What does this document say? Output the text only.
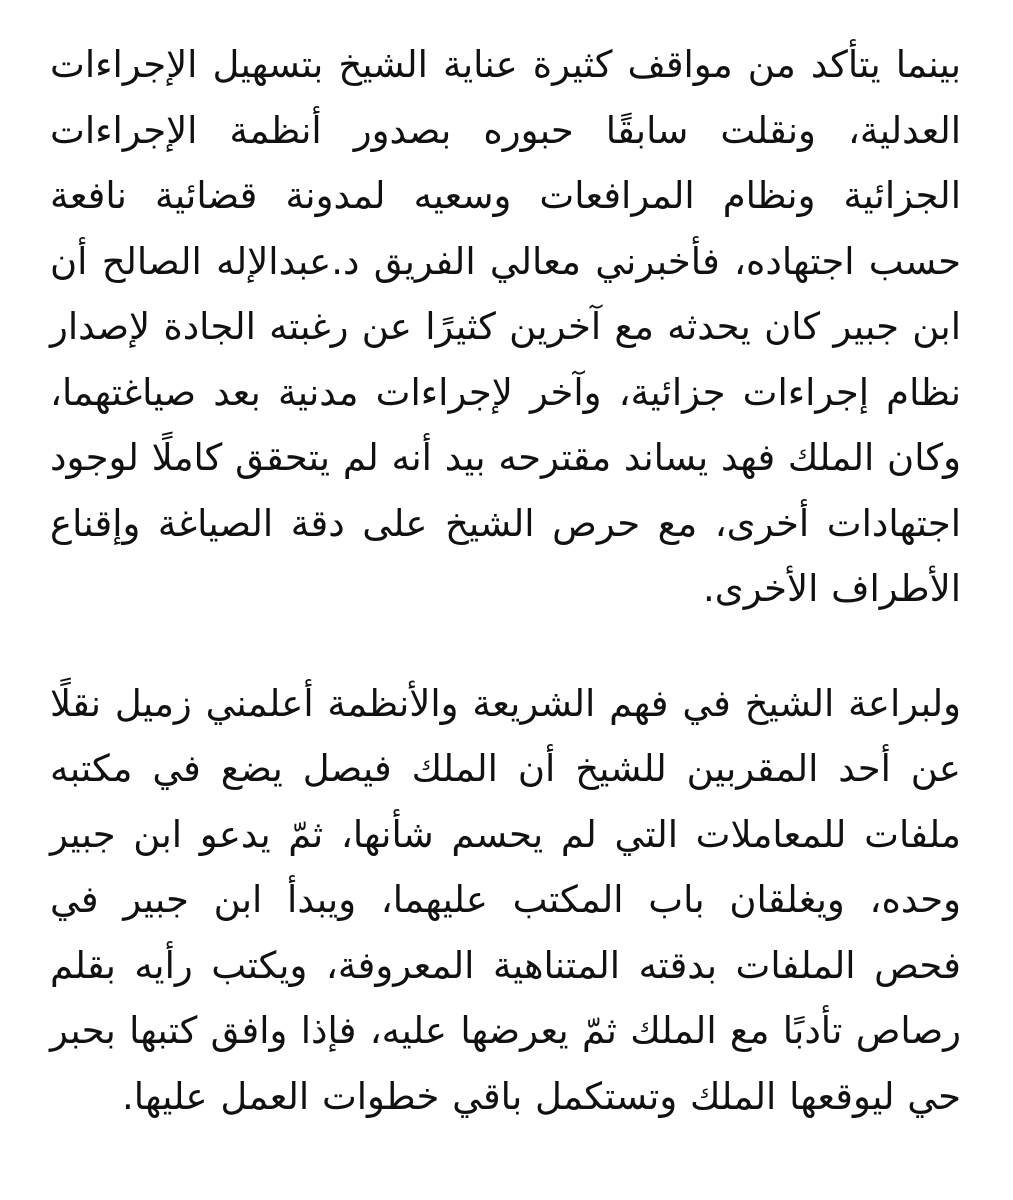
بينما يتأكد من مواقف كثيرة عناية الشيخ بتسهيل الإجراءات العدلية، ونقلت سابقًا حبوره بصدور أنظمة الإجراءات الجزائية ونظام المرافعات وسعيه لمدونة قضائية نافعة حسب اجتهاده، فأخبرني معالي الفريق د.عبدالإله الصالح أن ابن جبير كان يحدثه مع آخرين كثيرًا عن رغبته الجادة لإصدار نظام إجراءات جزائية، وآخر لإجراءات مدنية بعد صياغتهما، وكان الملك فهد يساند مقترحه بيد أنه لم يتحقق كاملًا لوجود اجتهادات أخرى، مع حرص الشيخ على دقة الصياغة وإقناع الأطراف الأخرى.

ولبراعة الشيخ في فهم الشريعة والأنظمة أعلمني زميل نقلًا عن أحد المقربين للشيخ أن الملك فيصل يضع في مكتبه ملفات للمعاملات التي لم يحسم شأنها، ثمّ يدعو ابن جبير وحده، ويغلقان باب المكتب عليهما، ويبدأ ابن جبير في فحص الملفات بدقته المتناهية المعروفة، ويكتب رأيه بقلم رصاص تأدبًا مع الملك ثمّ يعرضها عليه، فإذا وافق كتبها بحبر حي ليوقعها الملك وتستكمل باقي خطوات العمل عليها.
